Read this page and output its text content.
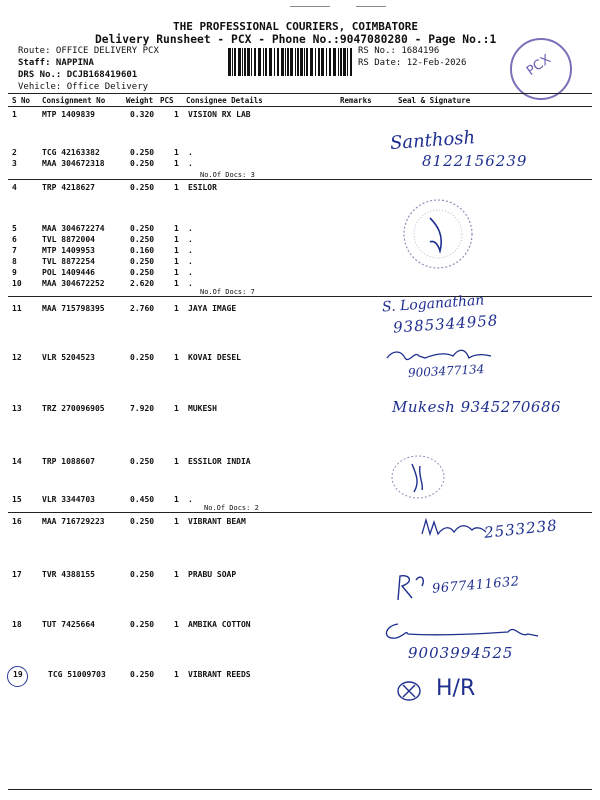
THE PROFESSIONAL COURIERS, COIMBATORE
Delivery Runsheet - PCX - Phone No.:9047080280 - Page No.:1
Route: OFFICE DELIVERY PCX
Staff: NAPPINA
DRS No.: DCJB168419601
Vehicle: Office Delivery
RS No.: 1684196
RS Date: 12-Feb-2026	PCX
S No Consignment No	Weight PCS Consignee Details	Remarks	Seal & Signature
1	MTP 1409839	0.320 1 VISION RX LAB
2	TCG 42163382	0.250 1 .
3	MAA 304672318	0.250 1 .
4	TRP 4218627	0.250 1 ESILOR
5	MAA 304672274	0.250 1 .
6	TVL 8872004	0.250 1 .
7	MTP 1409953	0.160 1 .
8	TVL 8872254	0.250 1 .
9	POL 1409446	0.250 1 .
10	MAA 304672252	2.620 1 .
11	MAA 715798395	2.760 1 JAYA IMAGE
12	VLR 5204523	0.250 1 KOVAI DESEL
13	TRZ 270096905	7.920 1 MUKESH
14	TRP 1088607	0.250 1 ESSILOR INDIA
15	VLR 3344703	0.450 1 .
16	MAA 716729223	0.250 1 VIBRANT BEAM
17	TVR 4388155	0.250 1 PRABU SOAP
18	TUT 7425664	0.250 1 AMBIKA COTTON
19	TCG 51009703	0.250 1 VIBRANT REEDS
No.Of Docs: 3
No.Of Docs: 7
No.Of Docs: 2
Santhosh
8122156239
S. Loganathan
9385344958
9003477134
Mukesh 9345270686
2533238
9677411632
9003994525
H/R
